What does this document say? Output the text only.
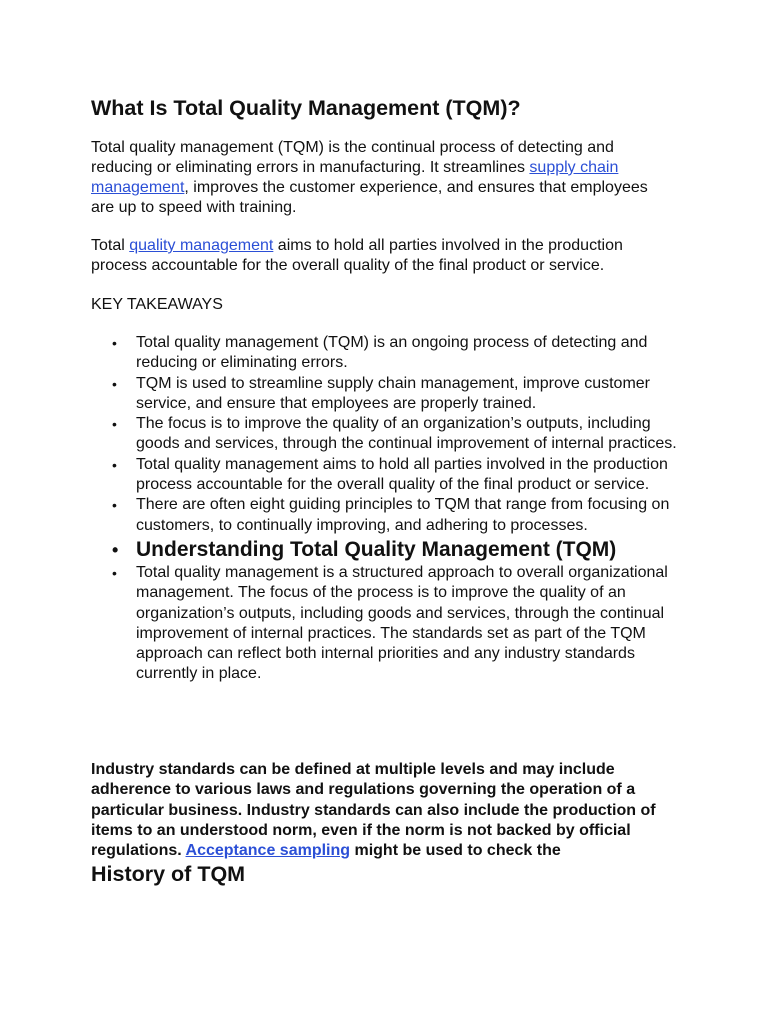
What Is Total Quality Management (TQM)?

Total quality management (TQM) is the continual process of detecting and reducing or eliminating errors in manufacturing. It streamlines supply chain management, improves the customer experience, and ensures that employees are up to speed with training.

Total quality management aims to hold all parties involved in the production process accountable for the overall quality of the final product or service.

KEY TAKEAWAYS

• Total quality management (TQM) is an ongoing process of detecting and reducing or eliminating errors.
• TQM is used to streamline supply chain management, improve customer service, and ensure that employees are properly trained.
• The focus is to improve the quality of an organization’s outputs, including goods and services, through the continual improvement of internal practices.
• Total quality management aims to hold all parties involved in the production process accountable for the overall quality of the final product or service.
• There are often eight guiding principles to TQM that range from focusing on customers, to continually improving, and adhering to processes.
• Understanding Total Quality Management (TQM)
• Total quality management is a structured approach to overall organizational management. The focus of the process is to improve the quality of an organization’s outputs, including goods and services, through the continual improvement of internal practices. The standards set as part of the TQM approach can reflect both internal priorities and any industry standards currently in place.

Industry standards can be defined at multiple levels and may include adherence to various laws and regulations governing the operation of a particular business. Industry standards can also include the production of items to an understood norm, even if the norm is not backed by official regulations. Acceptance sampling might be used to check the

History of TQM
